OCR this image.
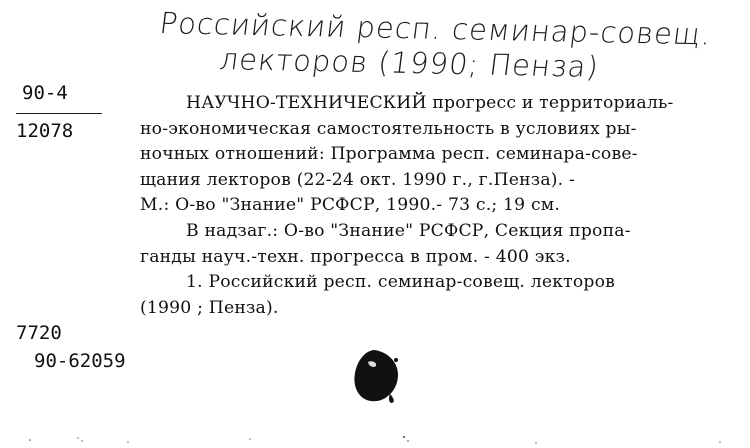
Российский респ. семинар-совещ.
лекторов (1990; Пенза)
90-4
12078
7720
90-62059
НАУЧНО-ТЕХНИЧЕСКИЙ прогресс и территориаль-
но-экономическая самостоятельность в условиях ры-
ночных отношений: Программа респ. семинара-сове-
щания лекторов (22-24 окт. 1990 г., г.Пенза). -
М.: О-во "Знание" РСФСР, 1990.- 73 с.; 19 см.
В надзаг.: О-во "Знание" РСФСР, Секция пропа-
ганды науч.-техн. прогресса в пром. - 400 экз.
1. Российский респ. семинар-совещ. лекторов
(1990 ; Пенза).
